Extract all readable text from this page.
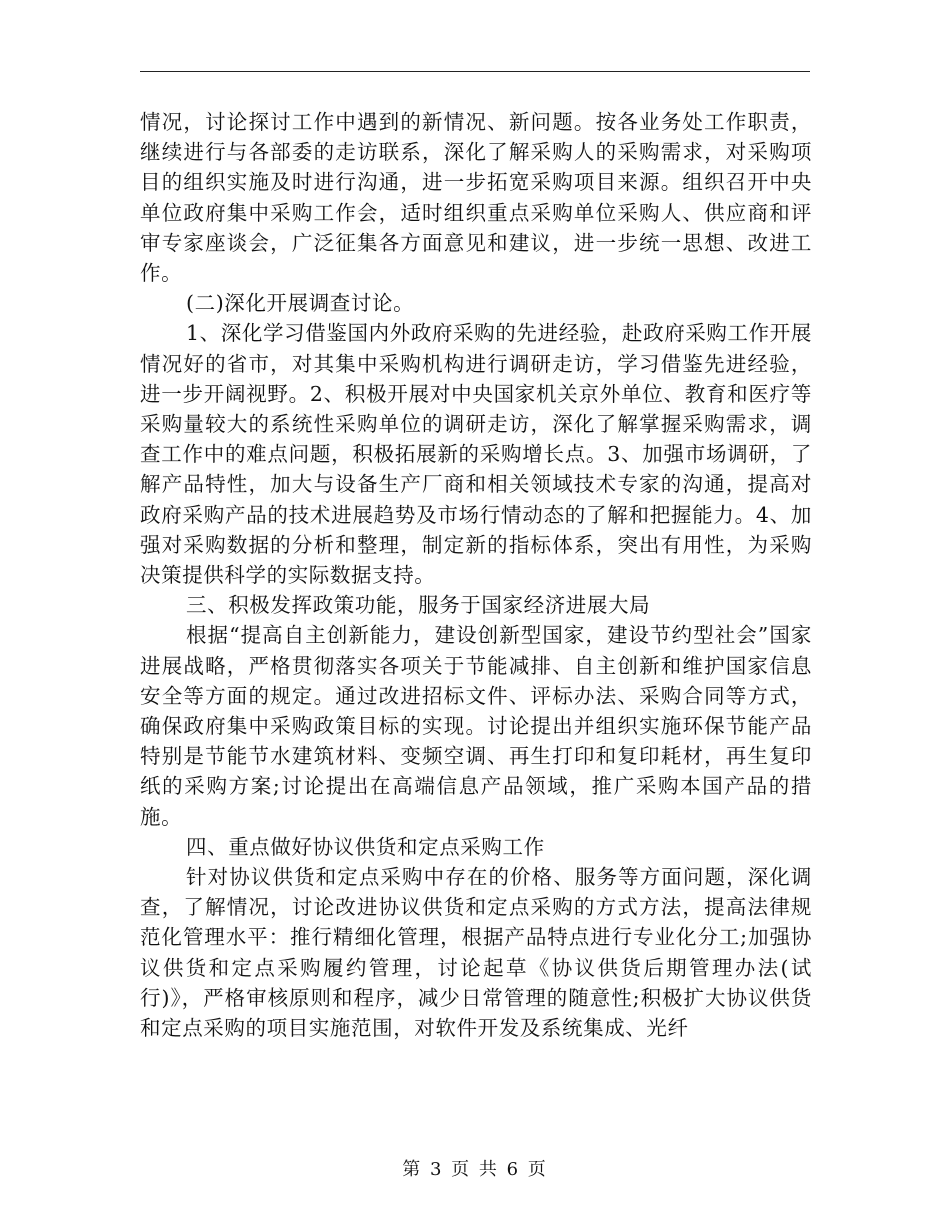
情况，讨论探讨工作中遇到的新情况、新问题。按各业务处工作职责，继续进行与各部委的走访联系，深化了解采购人的采购需求，对采购项目的组织实施及时进行沟通，进一步拓宽采购项目来源。组织召开中央单位政府集中采购工作会，适时组织重点采购单位采购人、供应商和评审专家座谈会，广泛征集各方面意见和建议，进一步统一思想、改进工作。

(二)深化开展调查讨论。

1、深化学习借鉴国内外政府采购的先进经验，赴政府采购工作开展情况好的省市，对其集中采购机构进行调研走访，学习借鉴先进经验，进一步开阔视野。2、积极开展对中央国家机关京外单位、教育和医疗等采购量较大的系统性采购单位的调研走访，深化了解掌握采购需求，调查工作中的难点问题，积极拓展新的采购增长点。3、加强市场调研，了解产品特性，加大与设备生产厂商和相关领域技术专家的沟通，提高对政府采购产品的技术进展趋势及市场行情动态的了解和把握能力。4、加强对采购数据的分析和整理，制定新的指标体系，突出有用性，为采购决策提供科学的实际数据支持。

三、积极发挥政策功能，服务于国家经济进展大局

根据“提高自主创新能力，建设创新型国家，建设节约型社会”国家进展战略，严格贯彻落实各项关于节能减排、自主创新和维护国家信息安全等方面的规定。通过改进招标文件、评标办法、采购合同等方式，确保政府集中采购政策目标的实现。讨论提出并组织实施环保节能产品特别是节能节水建筑材料、变频空调、再生打印和复印耗材，再生复印纸的采购方案;讨论提出在高端信息产品领域，推广采购本国产品的措施。

四、重点做好协议供货和定点采购工作

针对协议供货和定点采购中存在的价格、服务等方面问题，深化调查，了解情况，讨论改进协议供货和定点采购的方式方法，提高法律规范化管理水平：推行精细化管理，根据产品特点进行专业化分工;加强协议供货和定点采购履约管理，讨论起草《协议供货后期管理办法(试行)》，严格审核原则和程序，减少日常管理的随意性;积极扩大协议供货和定点采购的项目实施范围，对软件开发及系统集成、光纤

第 3 页 共 6 页
